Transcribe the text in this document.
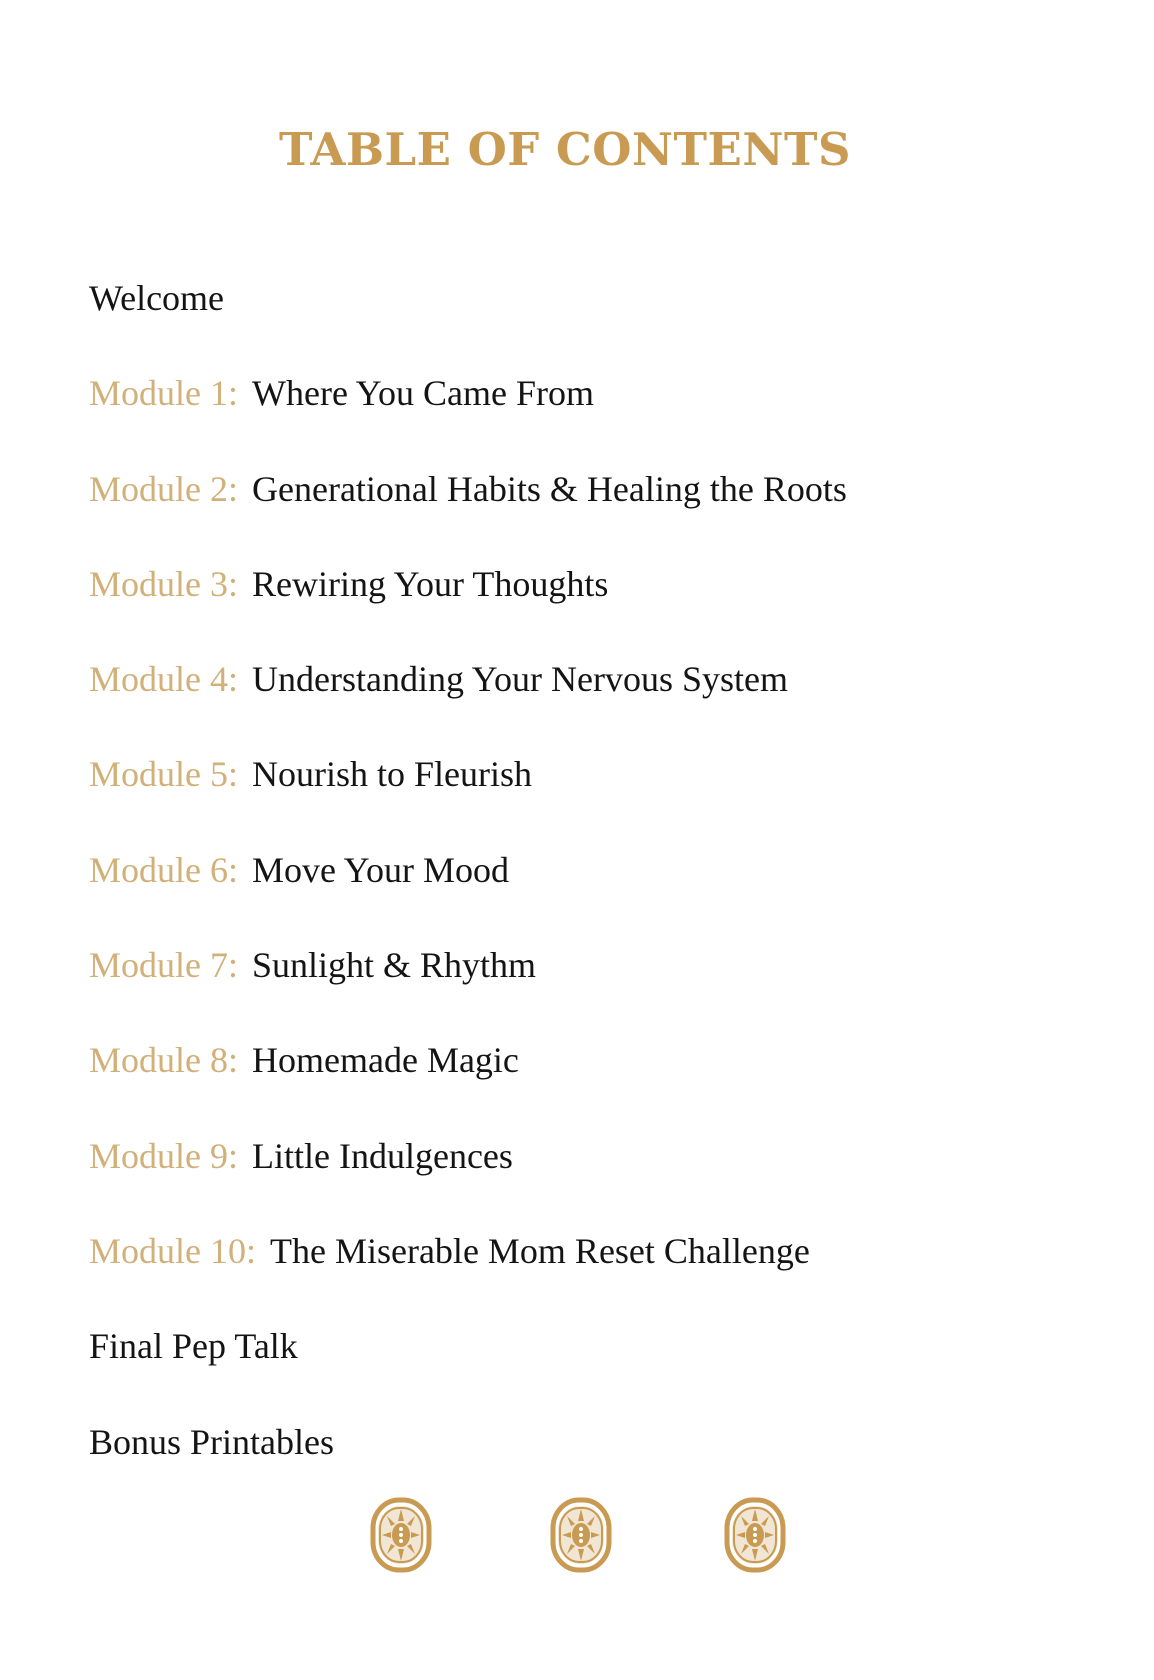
TABLE OF CONTENTS
Welcome
Module 1: Where You Came From
Module 2: Generational Habits & Healing the Roots
Module 3: Rewiring Your Thoughts
Module 4: Understanding Your Nervous System
Module 5: Nourish to Fleurish
Module 6: Move Your Mood
Module 7: Sunlight & Rhythm
Module 8: Homemade Magic
Module 9: Little Indulgences
Module 10: The Miserable Mom Reset Challenge
Final Pep Talk
Bonus Printables
